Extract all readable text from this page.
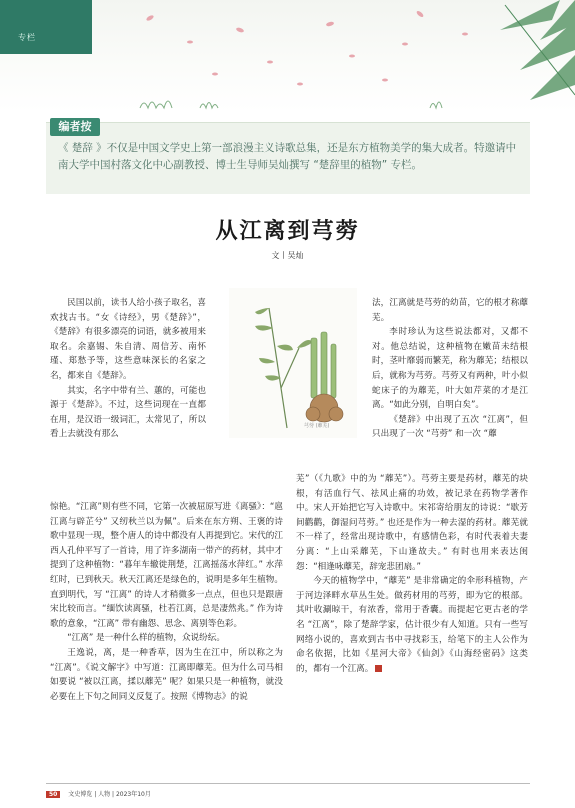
专栏
编者按
《 楚辞 》不仅是中国文学史上第一部浪漫主义诗歌总集，还是东方植物美学的集大成者。特邀请中南大学中国村落文化中心副教授、博士生导师吴灿撰写 “楚辞里的植物” 专栏。
从江离到芎䓖
文丨吴灿
芎䓖 (蘼芜)

民国以前，读书人给小孩子取名，喜欢找古书。“女《诗经》，男《楚辞》”，《楚辞》有很多漂亮的词语，就多被用来取名。余嘉锡、朱自清、周信芳、南怀瑾、郑愁予等，这些意味深长的名家之名，都来自《楚辞》。

其实，名字中带有兰、蕙的，可能也源于《楚辞》。不过，这些词现在一直都在用，是汉语一级词汇，太常见了，所以看上去就没有那么

惊艳。“江离”则有些不同，它第一次被屈原写进《离骚》：“扈江离与辟芷兮” 又纫秋兰以为佩”。后来在东方朔、王褒的诗歌中显现一现，整个唐人的诗中都没有人再提到它。宋代的江西人孔仲平写了一首诗，用了许多湖南一带产的药材，其中才提到了这种植物：“暮年车辙徙荆楚，江离摇荡水萍红。” 水萍红时，已到秋天。秋天江离还是绿色的，说明是多年生植物。直到明代，写 “江离” 的诗人才稍微多一点点，但也只是跟唐宋比较而言。“缅饮读离骚，杜若江离，总是凄然兆。” 作为诗歌的意象，“江离” 带有幽怨、思念、离别等色彩。

“江离” 是一种什么样的植物，众说纷纭。

王逸说，离，是一种香草，因为生在江中，所以称之为 “江离”。《说文解字》中写道：江离即蘼芜。但为什么司马相如要说 “被以江离，揉以蘼芜” 呢？如果只是一种植物，就没必要在上下句之间同义反复了。按照《博物志》的说

法，江离就是芎䓖的幼苗，它的根才称蘼芜。

李时珍认为这些说法都对，又都不对。他总结说，这种植物在嫩苗未结根时，茎叶靡弱而繁芜，称为蘼芜；结根以后，就称为芎䓖。芎䓖又有两种，叶小似蛇床子的为蘼芜，叶大如芹菜的才是江离。“如此分别，自明白矣”。

《楚辞》中出现了五次 “江离”，但只出现了一次 “芎䓖” 和一次 “蘼

芜”（《九歌》中的为 “蘼芜”）。芎䓖主要是药材，蘼芜的块根，有活血行气、祛风止痛的功效，被记录在药物学著作中。宋人开始把它写入诗歌中。宋祁寄给朋友的诗说：“歇芳间鹳鹳，御湿问芎䓖。” 也还是作为一种去湿的药材。蘼芜就不一样了，经常出现诗歌中，有感情色彩，有时代表着夫妻分离：“上山采蘼芜，下山逢故夫。” 有时也用来表达闺怨：“相逢咏蘼芜，辞宠悲团扇。”

今天的植物学中，“蘼芜” 是非常确定的伞形科植物，产于河边泽畔水草丛生处。做药材用的芎䓖，即为它的根部。其叶收涮晾干，有浓香，常用于香囊。而提起它更古老的学名 “江离”，除了楚辞学家，估计很少有人知道。只有一些写网络小说的，喜欢到古书中寻找彩玉，给笔下的主人公作为命名依据，比如《星河大帝》《仙剑》《山海经密码》这类的，都有一个江离。

50 文史博览 | 人物 | 2023年10月
